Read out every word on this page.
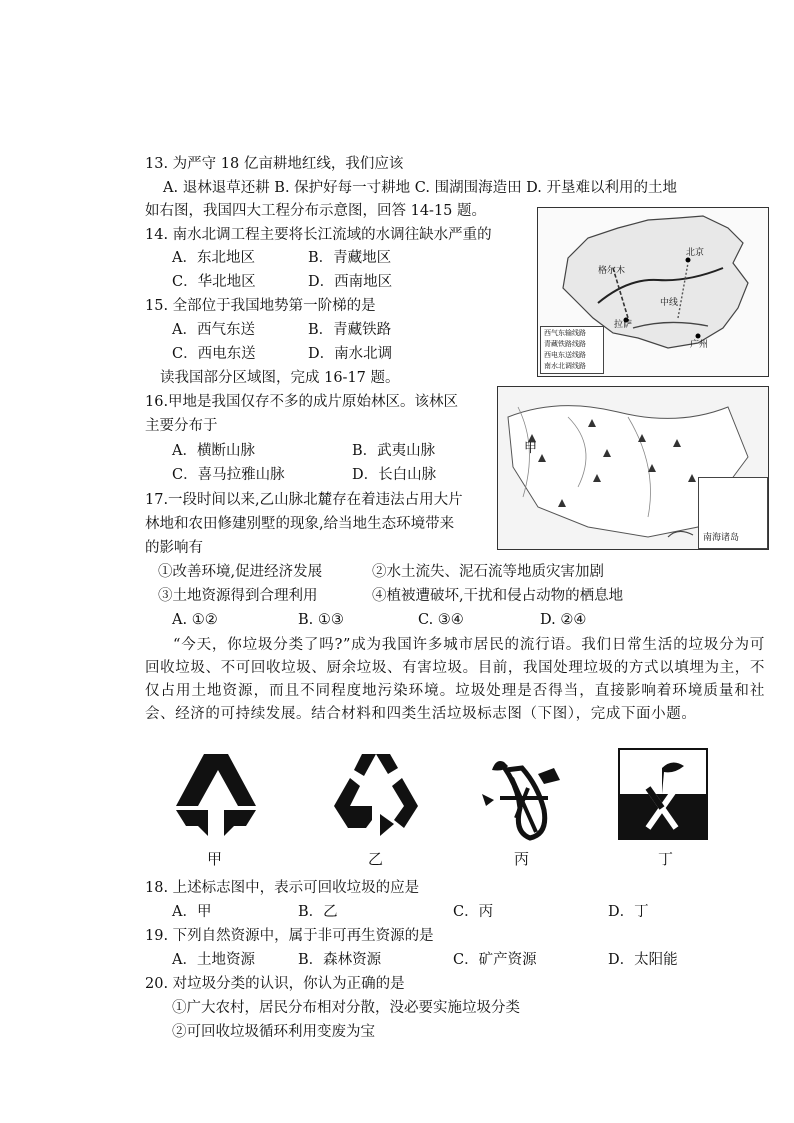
13. 为严守 18 亿亩耕地红线，我们应该
A. 退林退草还耕 B. 保护好每一寸耕地 C. 围湖围海造田 D. 开垦难以利用的土地
如右图，我国四大工程分布示意图，回答 14-15 题。
14. 南水北调工程主要将长江流域的水调往缺水严重的
A．东北地区	B．青藏地区
C．华北地区	D．西南地区
15. 全部位于我国地势第一阶梯的是
A．西气东送	B．青藏铁路
C．西电东送	D．南水北调
读我国部分区域图，完成 16-17 题。
格尔木
北京
拉萨
中线
广州
西气东输线路
青藏铁路线路
西电东送线路
南水北调线路
16.甲地是我国仅存不多的成片原始林区。该林区
主要分布于
A．横断山脉	B．武夷山脉
C．喜马拉雅山脉	D．长白山脉
甲
南海诸岛
17.一段时间以来,乙山脉北麓存在着违法占用大片
林地和农田修建别墅的现象,给当地生态环境带来
的影响有
①改善环境,促进经济发展	②水土流失、泥石流等地质灾害加剧
③土地资源得到合理利用	④植被遭破坏,干扰和侵占动物的栖息地
A. ①②	B. ①③	C. ③④	D. ②④
“今天，你垃圾分类了吗?”成为我国许多城市居民的流行语。我们日常生活的垃圾分为可回收垃圾、不可回收垃圾、厨余垃圾、有害垃圾。目前，我国处理垃圾的方式以填埋为主，不仅占用土地资源，而且不同程度地污染环境。垃圾处理是否得当，直接影响着环境质量和社会、经济的可持续发展。结合材料和四类生活垃圾标志图（下图），完成下面小题。
甲	乙	丙	丁
18. 上述标志图中，表示可回收垃圾的应是
A．甲	B．乙	C．丙	D．丁
19. 下列自然资源中，属于非可再生资源的是
A．土地资源	B．森林资源	C．矿产资源	D．太阳能
20. 对垃圾分类的认识，你认为正确的是
①广大农村，居民分布相对分散，没必要实施垃圾分类
②可回收垃圾循环利用变废为宝
